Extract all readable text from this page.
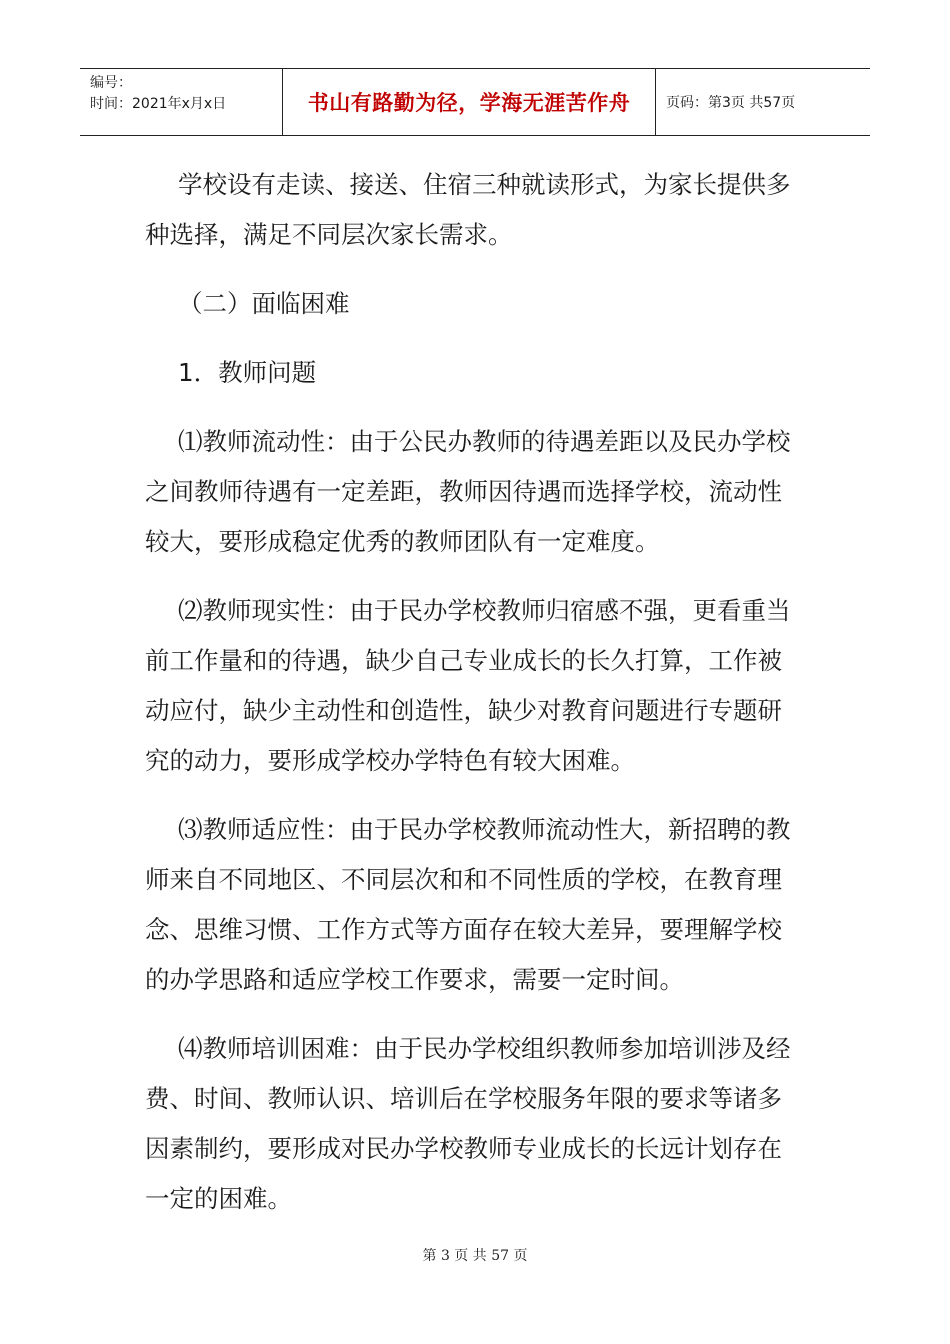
编号：
时间：2021年x月x日	书山有路勤为径，学海无涯苦作舟	页码：第3页 共57页

学校设有走读、接送、住宿三种就读形式，为家长提供多种选择，满足不同层次家长需求。

（二）面临困难

1．教师问题

⑴教师流动性：由于公民办教师的待遇差距以及民办学校之间教师待遇有一定差距，教师因待遇而选择学校，流动性较大，要形成稳定优秀的教师团队有一定难度。

⑵教师现实性：由于民办学校教师归宿感不强，更看重当前工作量和的待遇，缺少自己专业成长的长久打算，工作被动应付，缺少主动性和创造性，缺少对教育问题进行专题研究的动力，要形成学校办学特色有较大困难。

⑶教师适应性：由于民办学校教师流动性大，新招聘的教师来自不同地区、不同层次和和不同性质的学校，在教育理念、思维习惯、工作方式等方面存在较大差异，要理解学校的办学思路和适应学校工作要求，需要一定时间。

⑷教师培训困难：由于民办学校组织教师参加培训涉及经费、时间、教师认识、培训后在学校服务年限的要求等诸多因素制约，要形成对民办学校教师专业成长的长远计划存在一定的困难。

第 3 页 共 57 页
